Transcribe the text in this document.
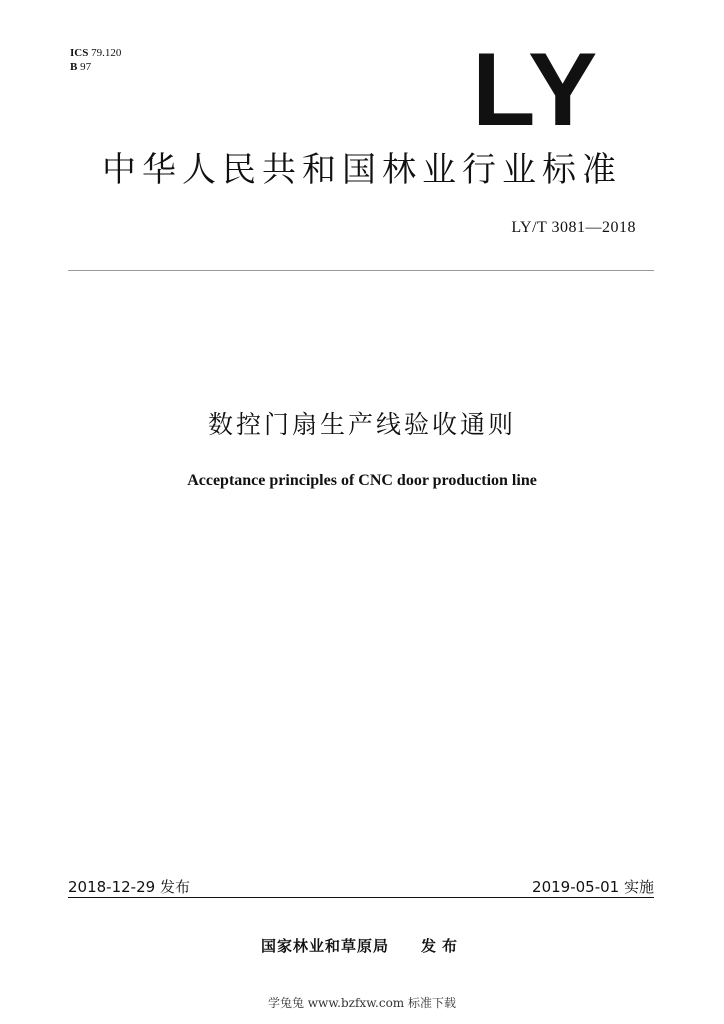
ICS 79.120
B 97	LY
中华人民共和国林业行业标准
LY/T 3081—2018
数控门扇生产线验收通则
Acceptance principles of CNC door production line
2018-12-29 发布	2019-05-01 实施
国家林业和草原局 发布
学兔兔 www.bzfxw.com 标准下载
